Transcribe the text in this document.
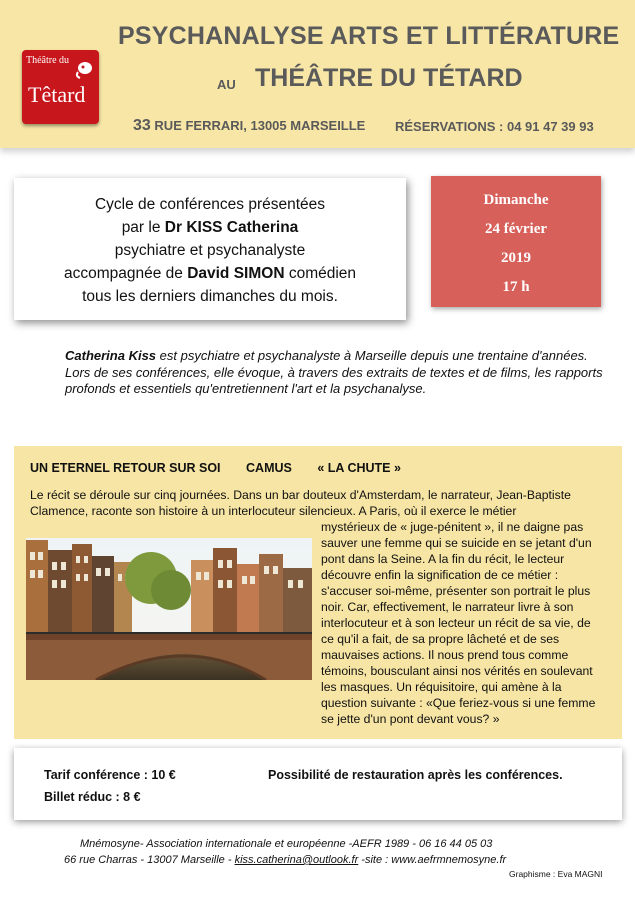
Théâtre du
Têtard
PSYCHANALYSE ARTS ET LITTÉRATURE
AU THÉÂTRE DU TÉTARD
33 RUE FERRARI, 13005 MARSEILLE RÉSERVATIONS : 04 91 47 39 93
Cycle de conférences présentées
par le Dr KISS Catherina
psychiatre et psychanalyste
accompagnée de David SIMON comédien
tous les derniers dimanches du mois.
Dimanche
24 février
2019
17 h
Catherina Kiss est psychiatre et psychanalyste à Marseille depuis une trentaine d'années. Lors de ses conférences, elle évoque, à travers des extraits de textes et de films, les rapports profonds et essentiels qu'entretiennent l'art et la psychanalyse.
UN ETERNEL RETOUR SUR SOI CAMUS « LA CHUTE »
Le récit se déroule sur cinq journées. Dans un bar douteux d'Amsterdam, le narrateur, Jean-Baptiste Clamence, raconte son histoire à un interlocuteur silencieux. A Paris, où il exerce le métier
mystérieux de « juge-pénitent », il ne daigne pas sauver une femme qui se suicide en se jetant d'un pont dans la Seine. A la fin du récit, le lecteur découvre enfin la signification de ce métier : s'accuser soi-même, présenter son portrait le plus noir. Car, effectivement, le narrateur livre à son interlocuteur et à son lecteur un récit de sa vie, de ce qu'il a fait, de sa propre lâcheté et de ses mauvaises actions. Il nous prend tous comme témoins, bousculant ainsi nos vérités en soulevant les masques. Un réquisitoire, qui amène à la question suivante : «Que feriez-vous si une femme se jette d'un pont devant vous? »
Tarif conférence : 10 €
Billet réduc : 8 €
Possibilité de restauration après les conférences.
Mnémosyne- Association internationale et européenne -AEFR 1989 - 06 16 44 05 03
66 rue Charras - 13007 Marseille - kiss.catherina@outlook.fr -site : www.aefrmnemosyne.fr
Graphisme : Eva MAGNI
